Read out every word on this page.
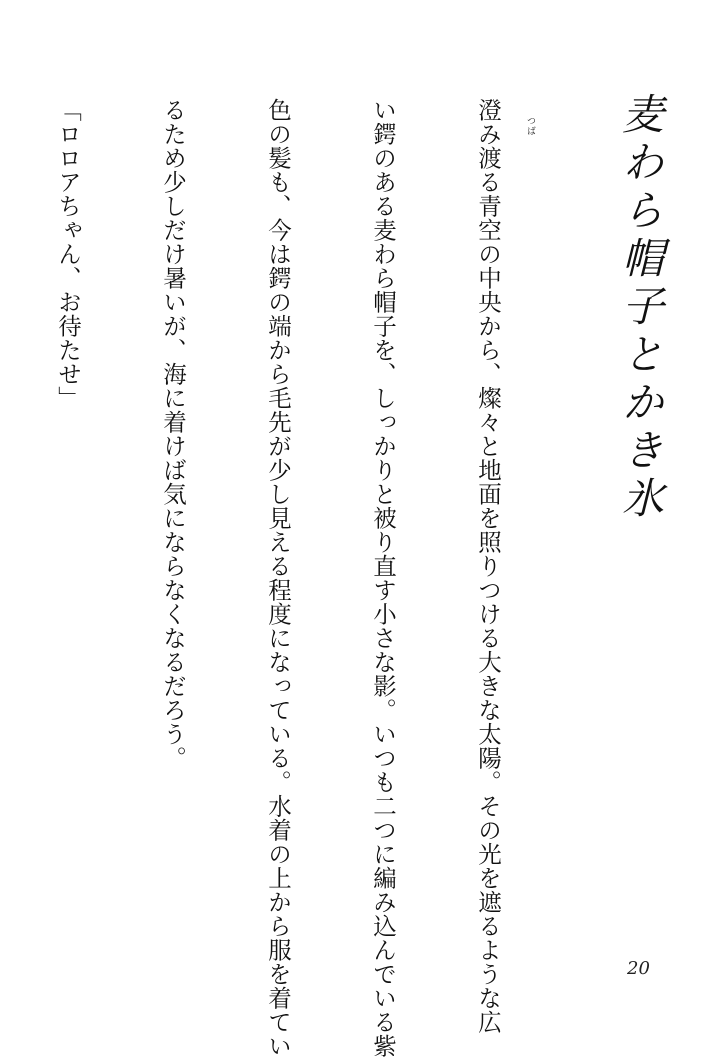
麦わら帽子とかき氷
つば

澄み渡る青空の中央から、燦々と地面を照りつける大きな太陽。その光を遮るような広

い鍔のある麦わら帽子を、しっかりと被り直す小さな影。いつも二つに編み込んでいる紫

色の髪も、今は鍔の端から毛先が少し見える程度になっている。水着の上から服を着てい

るため少しだけ暑いが、海に着けば気にならなくなるだろう。

「ロロアちゃん、お待たせ」

20
